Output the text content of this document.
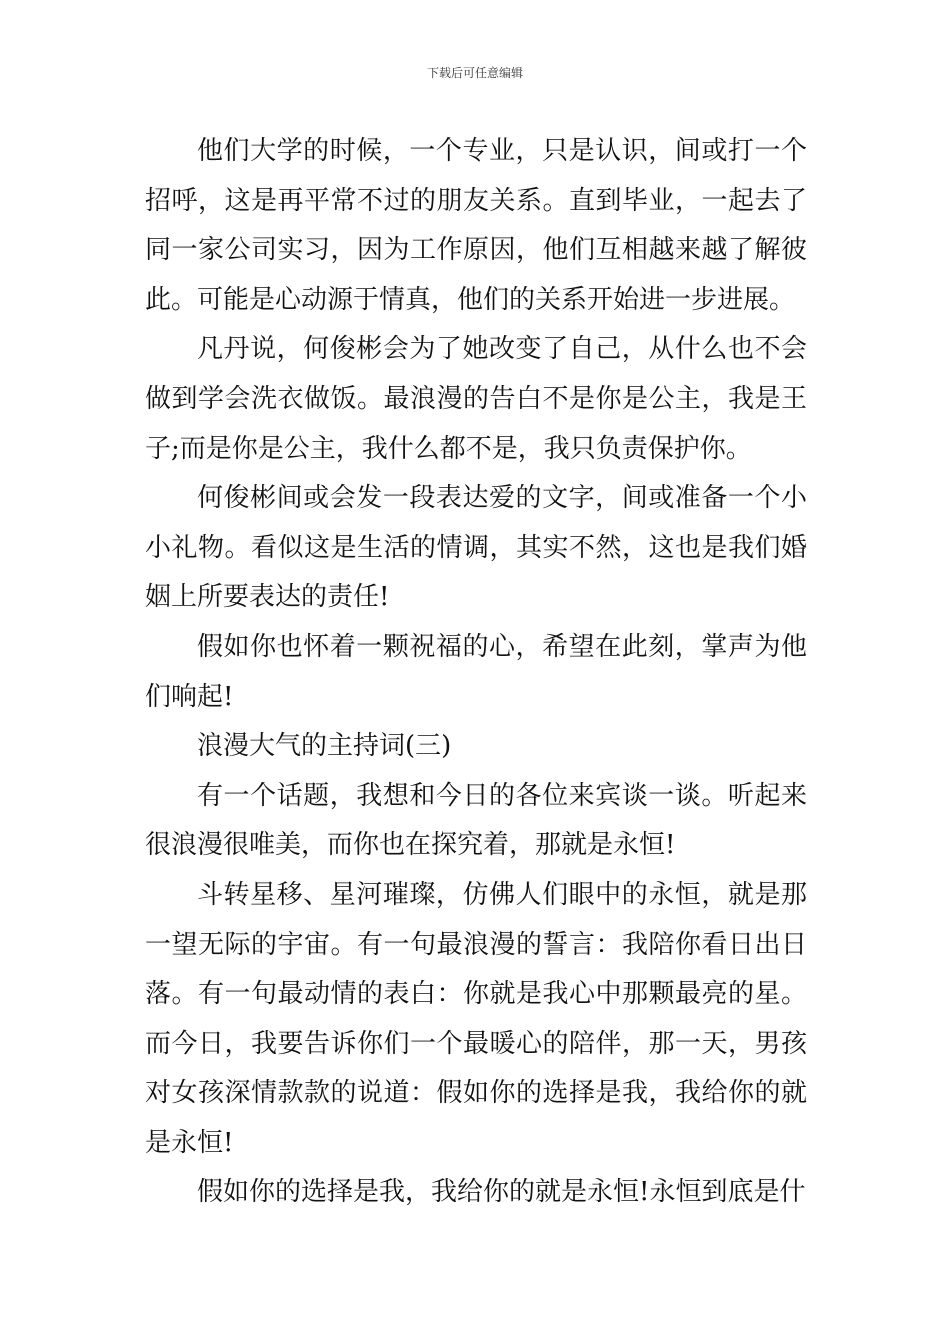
下载后可任意编辑

他们大学的时候，一个专业，只是认识，间或打一个招呼，这是再平常不过的朋友关系。直到毕业，一起去了同一家公司实习，因为工作原因，他们互相越来越了解彼此。可能是心动源于情真，他们的关系开始进一步进展。

凡丹说，何俊彬会为了她改变了自己，从什么也不会做到学会洗衣做饭。最浪漫的告白不是你是公主，我是王子;而是你是公主，我什么都不是，我只负责保护你。

何俊彬间或会发一段表达爱的文字，间或准备一个小小礼物。看似这是生活的情调，其实不然，这也是我们婚姻上所要表达的责任!

假如你也怀着一颗祝福的心，希望在此刻，掌声为他们响起!

浪漫大气的主持词(三)

有一个话题，我想和今日的各位来宾谈一谈。听起来很浪漫很唯美，而你也在探究着，那就是永恒!

斗转星移、星河璀璨，仿佛人们眼中的永恒，就是那一望无际的宇宙。有一句最浪漫的誓言：我陪你看日出日落。有一句最动情的表白：你就是我心中那颗最亮的星。而今日，我要告诉你们一个最暖心的陪伴，那一天，男孩对女孩深情款款的说道：假如你的选择是我，我给你的就是永恒!

假如你的选择是我，我给你的就是永恒!永恒到底是什
